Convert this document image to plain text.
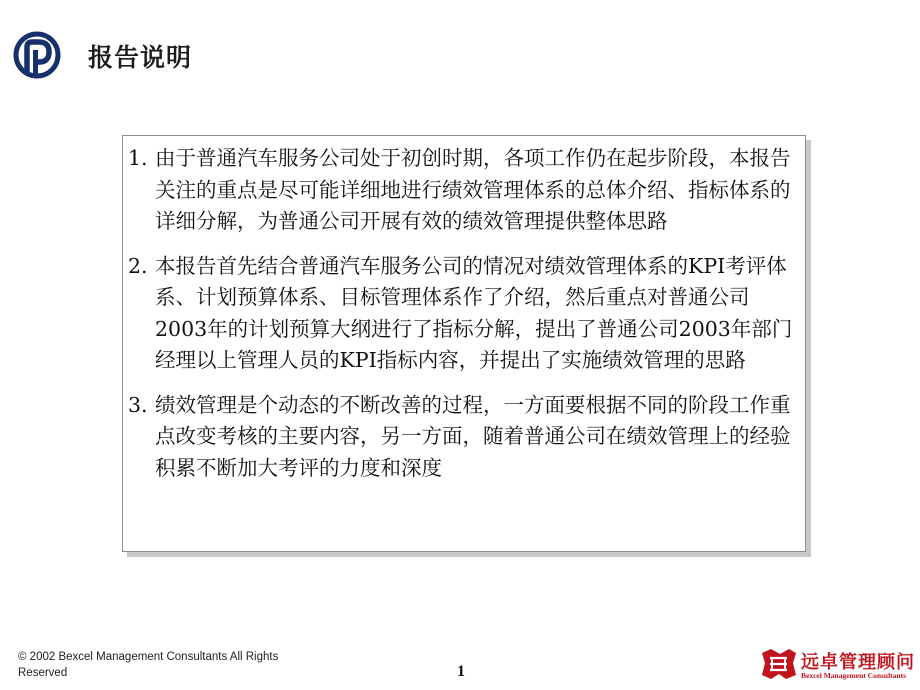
报告说明
1. 由于普通汽车服务公司处于初创时期，各项工作仍在起步阶段，本报告关注的重点是尽可能详细地进行绩效管理体系的总体介绍、指标体系的详细分解，为普通公司开展有效的绩效管理提供整体思路
2. 本报告首先结合普通汽车服务公司的情况对绩效管理体系的KPI考评体系、计划预算体系、目标管理体系作了介绍，然后重点对普通公司2003年的计划预算大纲进行了指标分解，提出了普通公司2003年部门经理以上管理人员的KPI指标内容，并提出了实施绩效管理的思路
3. 绩效管理是个动态的不断改善的过程，一方面要根据不同的阶段工作重点改变考核的主要内容，另一方面，随着普通公司在绩效管理上的经验积累不断加大考评的力度和深度
© 2002 Bexcel Management Consultants All Rights Reserved	1	远卓管理顾问
Bexcel Management Consultants
